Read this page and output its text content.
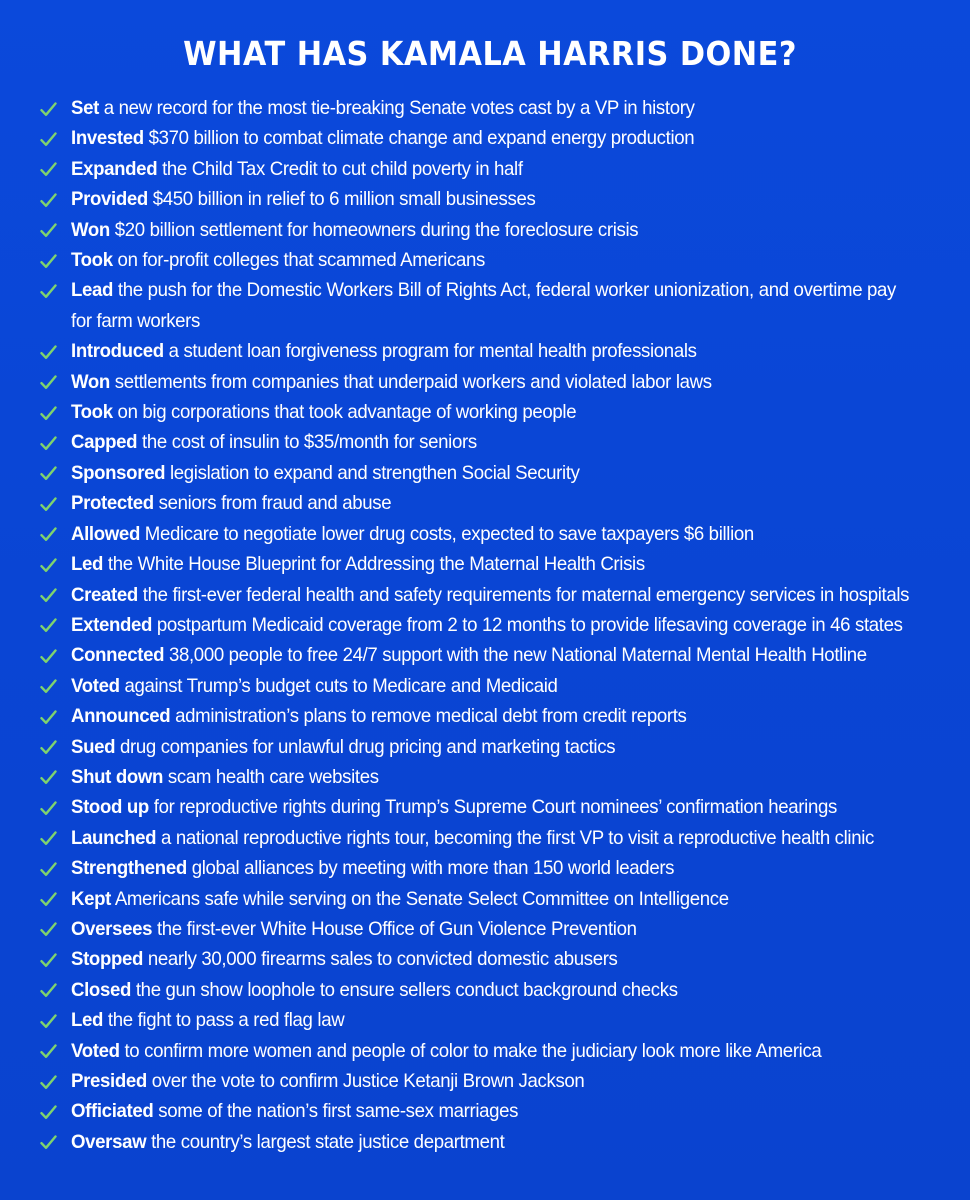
WHAT HAS KAMALA HARRIS DONE?
Set a new record for the most tie-breaking Senate votes cast by a VP in history
Invested $370 billion to combat climate change and expand energy production
Expanded the Child Tax Credit to cut child poverty in half
Provided $450 billion in relief to 6 million small businesses
Won $20 billion settlement for homeowners during the foreclosure crisis
Took on for-profit colleges that scammed Americans
Lead the push for the Domestic Workers Bill of Rights Act, federal worker unionization, and overtime pay for farm workers
Introduced a student loan forgiveness program for mental health professionals
Won settlements from companies that underpaid workers and violated labor laws
Took on big corporations that took advantage of working people
Capped the cost of insulin to $35/month for seniors
Sponsored legislation to expand and strengthen Social Security
Protected seniors from fraud and abuse
Allowed Medicare to negotiate lower drug costs, expected to save taxpayers $6 billion
Led the White House Blueprint for Addressing the Maternal Health Crisis
Created the first-ever federal health and safety requirements for maternal emergency services in hospitals
Extended postpartum Medicaid coverage from 2 to 12 months to provide lifesaving coverage in 46 states
Connected 38,000 people to free 24/7 support with the new National Maternal Mental Health Hotline
Voted against Trump’s budget cuts to Medicare and Medicaid
Announced administration’s plans to remove medical debt from credit reports
Sued drug companies for unlawful drug pricing and marketing tactics
Shut down scam health care websites
Stood up for reproductive rights during Trump’s Supreme Court nominees’ confirmation hearings
Launched a national reproductive rights tour, becoming the first VP to visit a reproductive health clinic
Strengthened global alliances by meeting with more than 150 world leaders
Kept Americans safe while serving on the Senate Select Committee on Intelligence
Oversees the first-ever White House Office of Gun Violence Prevention
Stopped nearly 30,000 firearms sales to convicted domestic abusers
Closed the gun show loophole to ensure sellers conduct background checks
Led the fight to pass a red flag law
Voted to confirm more women and people of color to make the judiciary look more like America
Presided over the vote to confirm Justice Ketanji Brown Jackson
Officiated some of the nation’s first same-sex marriages
Oversaw the country’s largest state justice department
